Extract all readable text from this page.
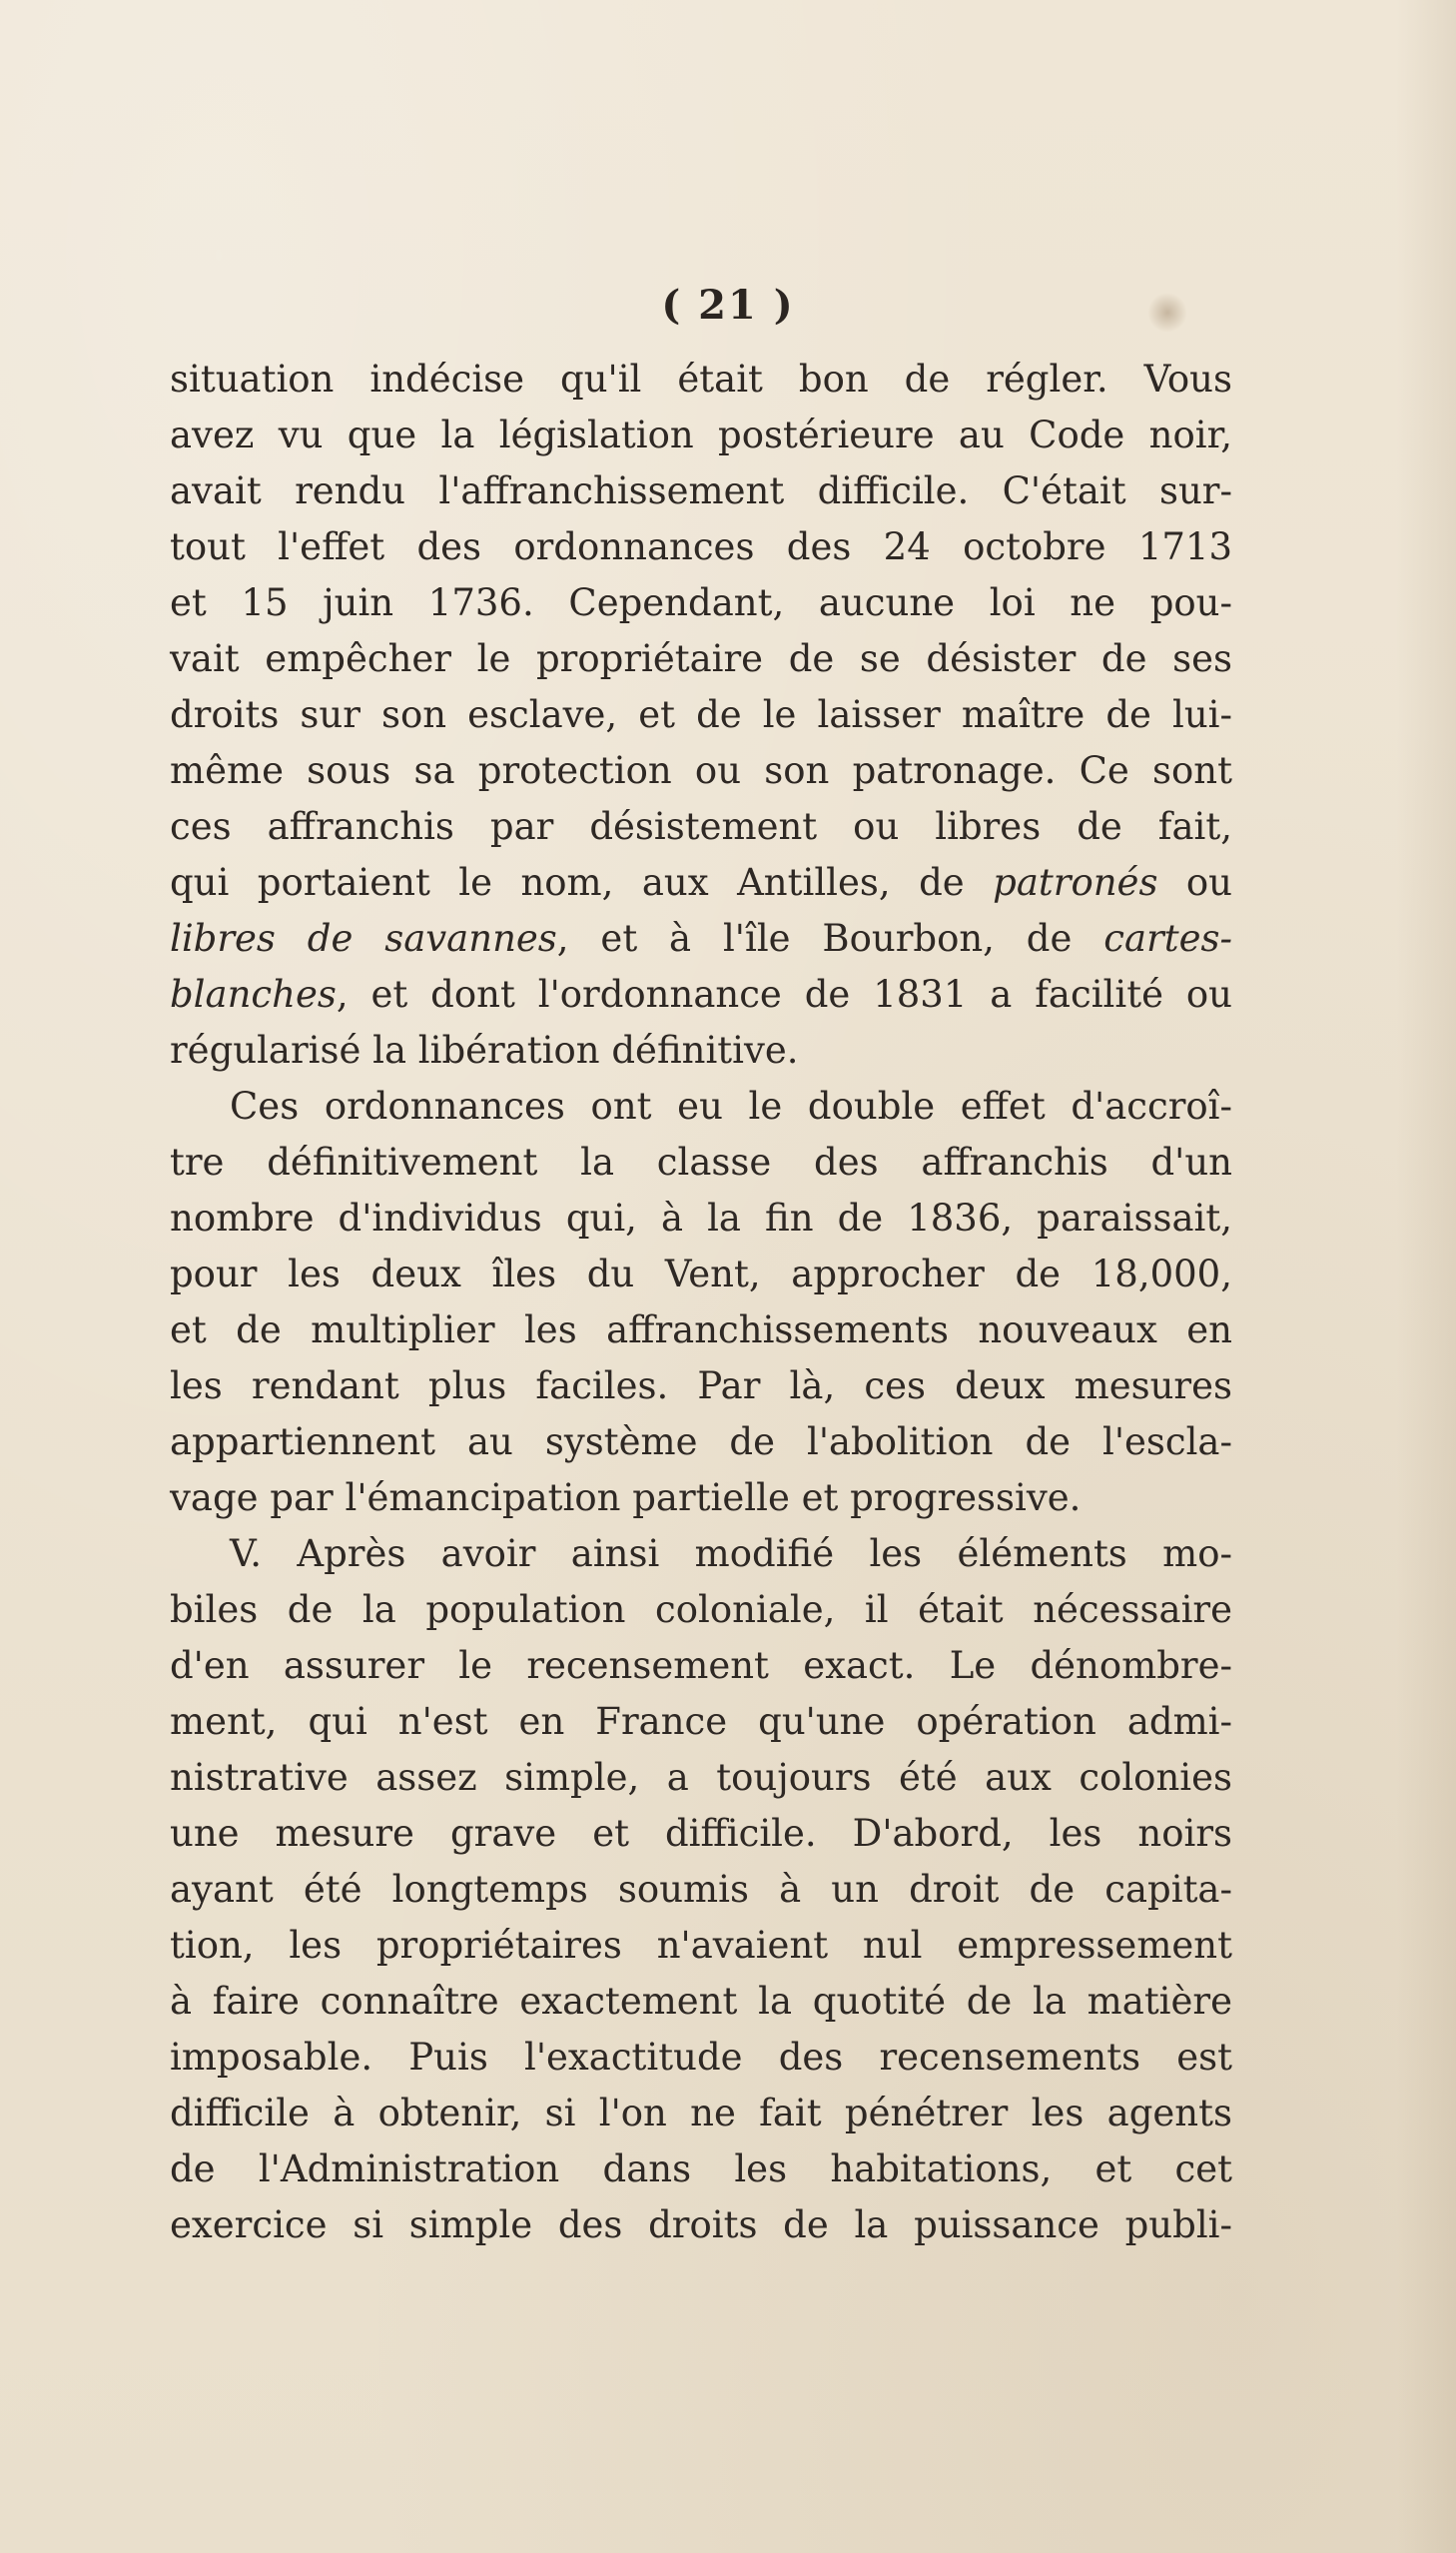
( 21 )
situation indécise qu'il était bon de régler. Vous
avez vu que la législation postérieure au Code noir,
avait rendu l'affranchissement difficile. C'était sur-
tout l'effet des ordonnances des 24 octobre 1713
et 15 juin 1736. Cependant, aucune loi ne pou-
vait empêcher le propriétaire de se désister de ses
droits sur son esclave, et de le laisser maître de lui-
même sous sa protection ou son patronage. Ce sont
ces affranchis par désistement ou libres de fait,
qui portaient le nom, aux Antilles, de patronés ou
libres de savannes, et à l'île Bourbon, de cartes-
blanches, et dont l'ordonnance de 1831 a facilité ou
régularisé la libération définitive.
Ces ordonnances ont eu le double effet d'accroî-
tre définitivement la classe des affranchis d'un
nombre d'individus qui, à la fin de 1836, paraissait,
pour les deux îles du Vent, approcher de 18,000,
et de multiplier les affranchissements nouveaux en
les rendant plus faciles. Par là, ces deux mesures
appartiennent au système de l'abolition de l'escla-
vage par l'émancipation partielle et progressive.
V. Après avoir ainsi modifié les éléments mo-
biles de la population coloniale, il était nécessaire
d'en assurer le recensement exact. Le dénombre-
ment, qui n'est en France qu'une opération admi-
nistrative assez simple, a toujours été aux colonies
une mesure grave et difficile. D'abord, les noirs
ayant été longtemps soumis à un droit de capita-
tion, les propriétaires n'avaient nul empressement
à faire connaître exactement la quotité de la matière
imposable. Puis l'exactitude des recensements est
difficile à obtenir, si l'on ne fait pénétrer les agents
de l'Administration dans les habitations, et cet
exercice si simple des droits de la puissance publi-
